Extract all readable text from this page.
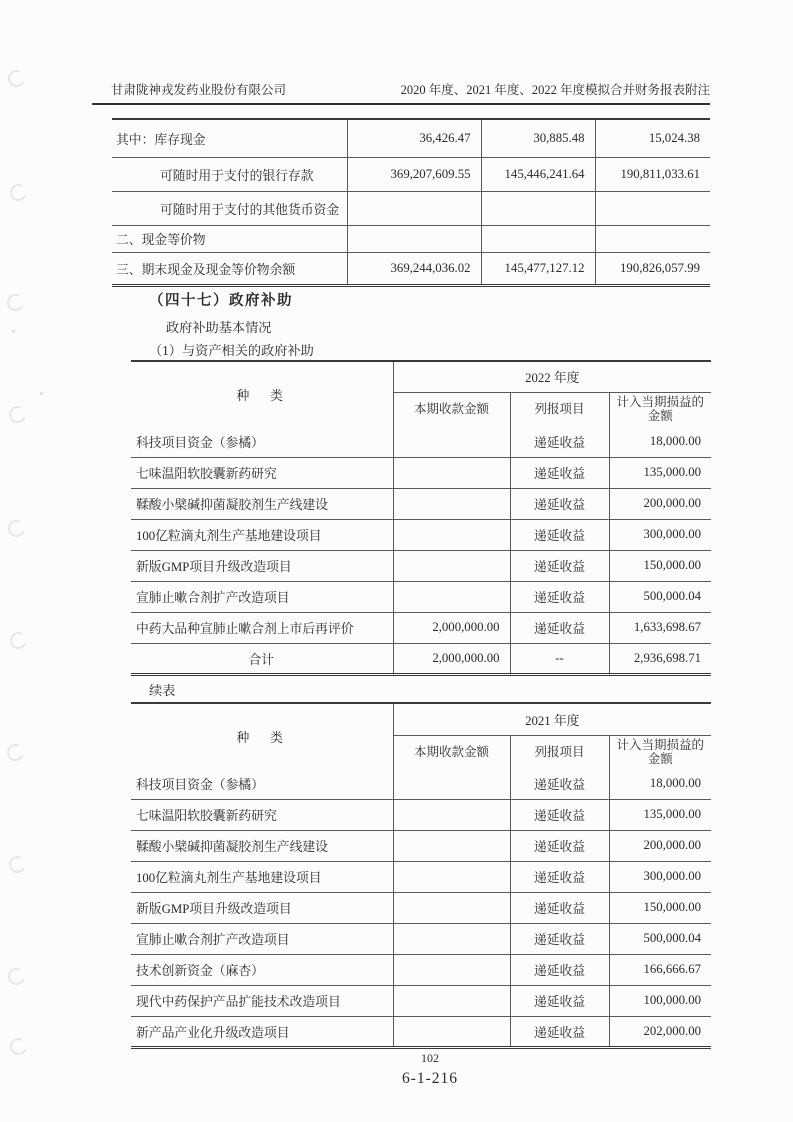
甘肃陇神戎发药业股份有限公司	2020 年度、2021 年度、2022 年度模拟合并财务报表附注
其中：库存现金	36,426.47	30,885.48	15,024.38
可随时用于支付的银行存款	369,207,609.55	145,446,241.64	190,811,033.61
可随时用于支付的其他货币资金			
二、现金等价物			
三、期末现金及现金等价物余额	369,244,036.02	145,477,127.12	190,826,057.99
（四十七）政府补助
政府补助基本情况
（1）与资产相关的政府补助
种　类	2022 年度		
	本期收款金额	列报项目	计入当期损益的金额
科技项目资金（参橘）		递延收益	18,000.00
七味温阳软胶囊新药研究		递延收益	135,000.00
鞣酸小檗碱抑菌凝胶剂生产线建设		递延收益	200,000.00
100亿粒滴丸剂生产基地建设项目		递延收益	300,000.00
新版GMP项目升级改造项目		递延收益	150,000.00
宣肺止嗽合剂扩产改造项目		递延收益	500,000.04
中药大品种宣肺止嗽合剂上市后再评价	2,000,000.00	递延收益	1,633,698.67
合计	2,000,000.00	--	2,936,698.71
续表
种　类	2021 年度		
	本期收款金额	列报项目	计入当期损益的金额
科技项目资金（参橘）		递延收益	18,000.00
七味温阳软胶囊新药研究		递延收益	135,000.00
鞣酸小檗碱抑菌凝胶剂生产线建设		递延收益	200,000.00
100亿粒滴丸剂生产基地建设项目		递延收益	300,000.00
新版GMP项目升级改造项目		递延收益	150,000.00
宣肺止嗽合剂扩产改造项目		递延收益	500,000.04
技术创新资金（麻杏）		递延收益	166,666.67
现代中药保护产品扩能技术改造项目		递延收益	100,000.00
新产品产业化升级改造项目		递延收益	202,000.00
102
6-1-216
